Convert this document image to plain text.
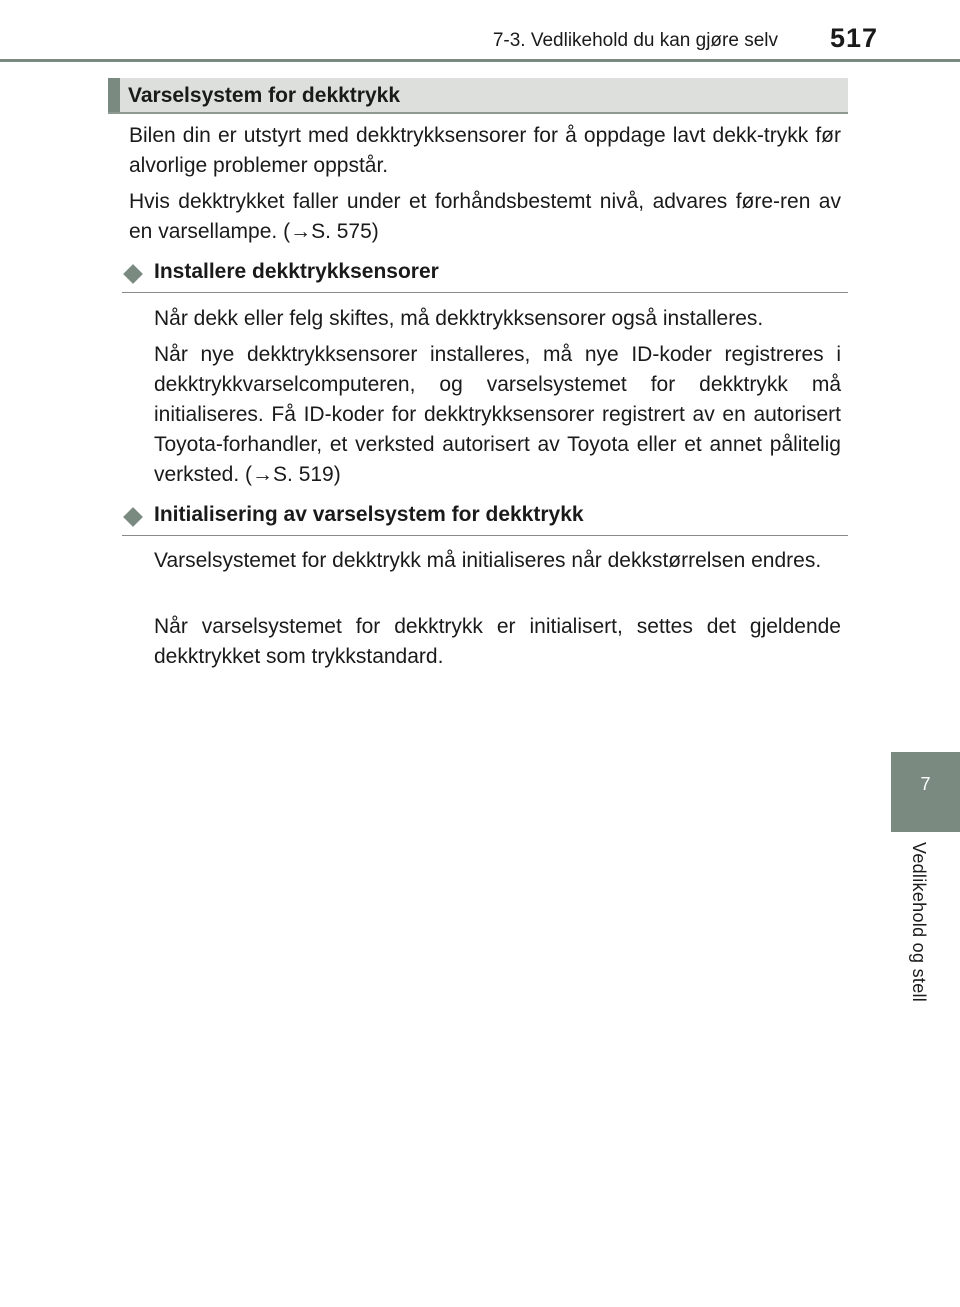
7-3. Vedlikehold du kan gjøre selv 517
7
Vedlikehold og stell
Varselsystem for dekktrykk

Bilen din er utstyrt med dekktrykksensorer for å oppdage lavt dekk-trykk før alvorlige problemer oppstår.

Hvis dekktrykket faller under et forhåndsbestemt nivå, advares føre-ren av en varsellampe. (→S. 575)

Installere dekktrykksensorer

Når dekk eller felg skiftes, må dekktrykksensorer også installeres.

Når nye dekktrykksensorer installeres, må nye ID-koder registreres i dekktrykkvarselcomputeren, og varselsystemet for dekktrykk må initialiseres. Få ID-koder for dekktrykksensorer registrert av en autorisert Toyota-forhandler, et verksted autorisert av Toyota eller et annet pålitelig verksted. (→S. 519)

Initialisering av varselsystem for dekktrykk

Varselsystemet for dekktrykk må initialiseres når dekkstørrelsen endres.

Når varselsystemet for dekktrykk er initialisert, settes det gjeldende dekktrykket som trykkstandard.
